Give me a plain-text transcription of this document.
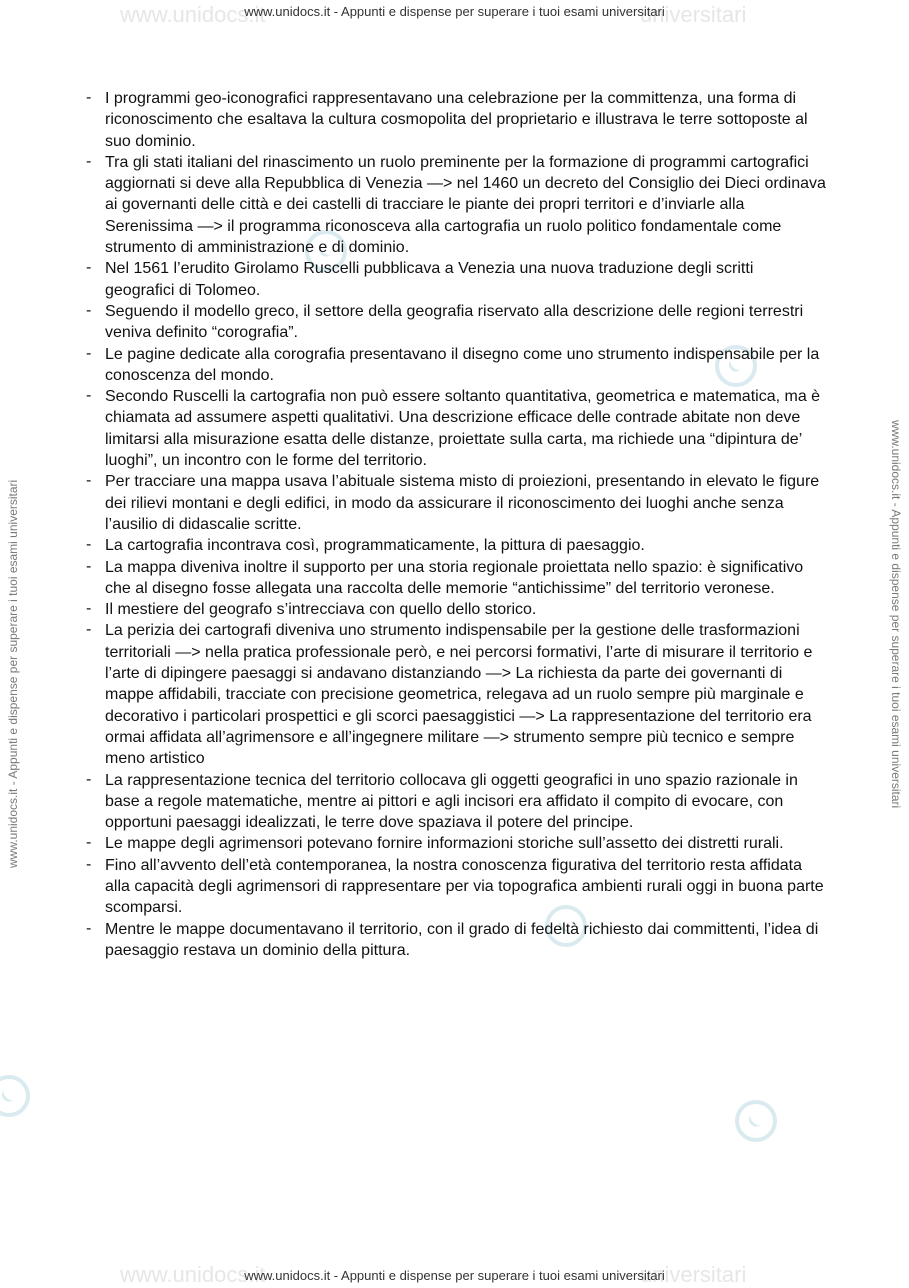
www.unidocs.it	universitari
www.unidocs.it	universitari
www.unidocs.it - Appunti e dispense per superare i tuoi esami universitari
www.unidocs.it - Appunti e dispense per superare i tuoi esami universitari
www.unidocs.it - Appunti e dispense per superare i tuoi esami universitari	www.unidocs.it - Appunti e dispense per superare i tuoi esami universitari
- I programmi geo-iconografici rappresentavano una celebrazione per la committenza, una forma di riconoscimento che esaltava la cultura cosmopolita del proprietario e illustrava le terre sottoposte al suo dominio.
- Tra gli stati italiani del rinascimento un ruolo preminente per la formazione di programmi cartografici aggiornati si deve alla Repubblica di Venezia —> nel 1460 un decreto del Consiglio dei Dieci ordinava ai governanti delle città e dei castelli di tracciare le piante dei propri territori e d’inviarle alla Serenissima —> il programma riconosceva alla cartografia un ruolo politico fondamentale come strumento di amministrazione e di dominio.
- Nel 1561 l’erudito Girolamo Ruscelli pubblicava a Venezia una nuova traduzione degli scritti geografici di Tolomeo.
- Seguendo il modello greco, il settore della geografia riservato alla descrizione delle regioni terrestri veniva definito “corografia”.
- Le pagine dedicate alla corografia presentavano il disegno come uno strumento indispensabile per la conoscenza del mondo.
- Secondo Ruscelli la cartografia non può essere soltanto quantitativa, geometrica e matematica, ma è chiamata ad assumere aspetti qualitativi. Una descrizione efficace delle contrade abitate non deve limitarsi alla misurazione esatta delle distanze, proiettate sulla carta, ma richiede una “dipintura de’ luoghi”, un incontro con le forme del territorio.
- Per tracciare una mappa usava l’abituale sistema misto di proiezioni, presentando in elevato le figure dei rilievi montani e degli edifici, in modo da assicurare il riconoscimento dei luoghi anche senza l’ausilio di didascalie scritte.
- La cartografia incontrava così, programmaticamente, la pittura di paesaggio.
- La mappa diveniva inoltre il supporto per una storia regionale proiettata nello spazio: è significativo che al disegno fosse allegata una raccolta delle memorie “antichissime” del territorio veronese.
- Il mestiere del geografo s’intrecciava con quello dello storico.
- La perizia dei cartografi diveniva uno strumento indispensabile per la gestione delle trasformazioni territoriali —> nella pratica professionale però, e nei percorsi formativi, l’arte di misurare il territorio e l’arte di dipingere paesaggi si andavano distanziando —> La richiesta da parte dei governanti di mappe affidabili, tracciate con precisione geometrica, relegava ad un ruolo sempre più marginale e decorativo i particolari prospettici e gli scorci paesaggistici —> La rappresentazione del territorio era ormai affidata all’agrimensore e all’ingegnere militare —> strumento sempre più tecnico e sempre meno artistico
- La rappresentazione tecnica del territorio collocava gli oggetti geografici in uno spazio razionale in base a regole matematiche, mentre ai pittori e agli incisori era affidato il compito di evocare, con opportuni paesaggi idealizzati, le terre dove spaziava il potere del principe.
- Le mappe degli agrimensori potevano fornire informazioni storiche sull’assetto dei distretti rurali.
- Fino all’avvento dell’età contemporanea, la nostra conoscenza figurativa del territorio resta affidata alla capacità degli agrimensori di rappresentare per via topografica ambienti rurali oggi in buona parte scomparsi.
- Mentre le mappe documentavano il territorio, con il grado di fedeltà richiesto dai committenti, l’idea di paesaggio restava un dominio della pittura.
